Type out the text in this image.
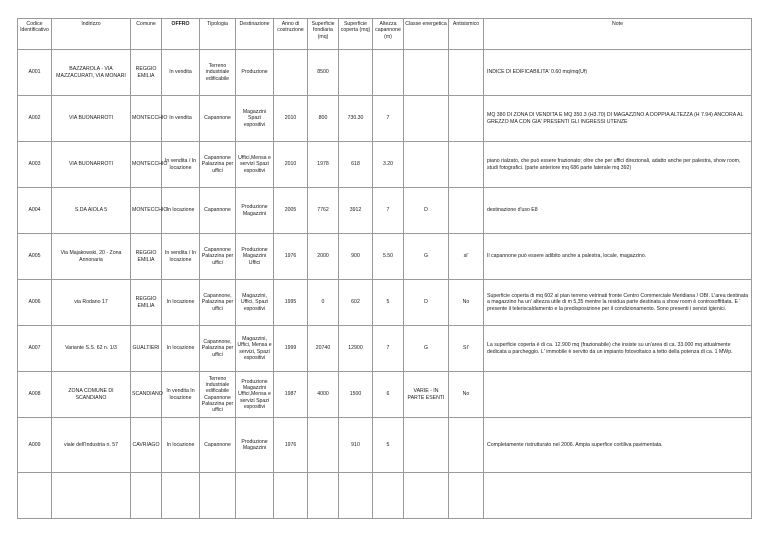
Codice Identificativo	Indirizzo	Comune	OFFRO	Tipologia	Destinazione	Anno di costruzione	Superficie fondiaria (mq)	Superficie coperta (mq)	Altezza capannone (m)	Classe energetica	Antisismico	Note
A001	BAZZAROLA - VIA MAZZACURATI, VIA MONARI	REGGIO EMILIA	In vendita	Terreno industriale edificabile	Produzione		8500					INDICE DI EDIFICABILITA' 0.60 mq/mq(Uf)
A002	VIA BUONARROTI	MONTECCHIO	In vendita	Capannone	Magazzini Spazi espositivi	2010	800	730.30	7			MQ 380 DI ZONA DI VENDITA E MQ 350.3 (H3.70) DI MAGAZZINO A DOPPIA ALTEZZA (H 7.94) ANCORA AL GREZZO MA CON GIA' PRESENTI GLI INGRESSI UTENZE
A003	VIA BUONARROTI	MONTECCHIO	In vendita / In locazione	Capannone Palazzina per uffici	Uffici,Mensa e servizi Spazi espositivi	2010	1978	618	3.20			piano rialzato, che può essere frazionato; oltre che per uffici direzionali, adatto anche per palestra, show room, studi fotografici. (parte anteriore mq 686 parte laterale mq 392)
A004	S.DA AIOLA 5	MONTECCHIO	In locazione	Capannone	Produzione Magazzini	2005	7762	3912	7	D		destinazione d'uso E8
A005	Via Majakowski, 20 - Zona Annonaria	REGGIO EMILIA	In vendita / In locazione	Capannone Palazzina per uffici	Produzione Magazzini Uffici	1976	2000	900	5.50	G	si'	Il capannone può essere adibito anche a palestra, locale, magazzino.
A006	via Rodano 17	REGGIO EMILIA	In locazione	Capannone, Palazzina per uffici	Magazzini, Uffici, Spazi espositivi	1995	0	602	5	D	No	Superficie coperta di mq 602 al pian terreno vetrinati fronte Centro Commerciale Meridiana / OBI. L'area destinata a magazzino ha un' altezza utile di m 5,35 mentre la residua parte destinata a show room è controsoffittata. E ' presente il teleriscaldamento e la predisposizione per il condizionamento. Sono presenti i servizi igienici.
A007	Variante S.S. 62 n. 1/3	GUALTIERI	In locazione	Capannone, Palazzina per uffici	Magazzini, Uffici, Mensa e servizi, Spazi espositivi	1999	20740	12900	7	G	SI'	La superficie coperta è di ca. 12.900 mq (frazionabile) che insiste su un'area di ca. 33.000 mq attualmente dedicata a parcheggio. L' immobile è servito da un impianto fotovoltaico a tetto della potenza di ca. 1 MWp.
A008	ZONA COMUNE DI SCANDIANO	SCANDIANO	In vendita In locazione	Terreno industriale edificabile Capannone Palazzina per uffici	Produzione Magazzini Uffici,Mensa e servizi Spazi espositivi	1987	4000	1500	6	VARIE - IN PARTE ESENTI	No	
A009	viale dell'Industria n. 57	CAVRIAGO	In locazione	Capannone	Produzione Magazzini	1976		910	5			Completamente ristrutturato nel 2006. Ampia superfice cortiliva pavimentata.
